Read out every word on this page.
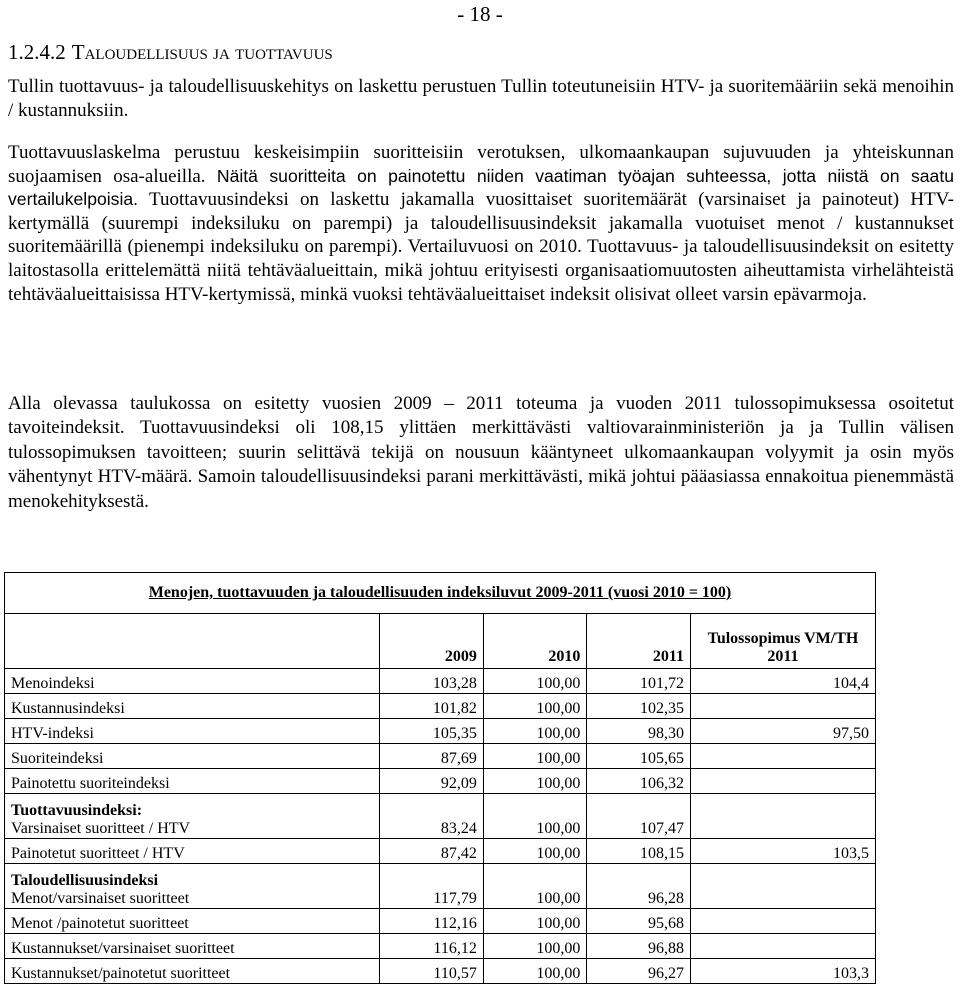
- 18 -
1.2.4.2 Taloudellisuus ja tuottavuus

Tullin tuottavuus- ja taloudellisuuskehitys on laskettu perustuen Tullin toteutuneisiin HTV- ja suoritemääriin sekä menoihin / kustannuksiin.

Tuottavuuslaskelma perustuu keskeisimpiin suoritteisiin verotuksen, ulkomaankaupan sujuvuuden ja yhteiskunnan suojaamisen osa-alueilla. Näitä suoritteita on painotettu niiden vaatiman työajan suhteessa, jotta niistä on saatu vertailukelpoisia. Tuottavuusindeksi on laskettu jakamalla vuosittaiset suoritemäärät (varsinaiset ja painoteut) HTV-kertymällä (suurempi indeksiluku on parempi) ja taloudellisuusindeksit jakamalla vuotuiset menot / kustannukset suoritemäärillä (pienempi indeksiluku on parempi). Vertailuvuosi on 2010. Tuottavuus- ja taloudellisuusindeksit on esitetty laitostasolla erittelemättä niitä tehtäväalueittain, mikä johtuu erityisesti organisaatiomuutosten aiheuttamista virhelähteistä tehtäväalueittaisissa HTV-kertymissä, minkä vuoksi tehtäväalueittaiset indeksit olisivat olleet varsin epävarmoja.

Alla olevassa taulukossa on esitetty vuosien 2009 – 2011 toteuma ja vuoden 2011 tulossopimuksessa osoitetut tavoiteindeksit. Tuottavuusindeksi oli 108,15 ylittäen merkittävästi valtiovarainministeriön ja ja Tullin välisen tulossopimuksen tavoitteen; suurin selittävä tekijä on nousuun kääntyneet ulkomaankaupan volyymit ja osin myös vähentynyt HTV-määrä. Samoin taloudellisuusindeksi parani merkittävästi, mikä johtui pääasiassa ennakoitua pienemmästä menokehityksestä.

Menojen, tuottavuuden ja taloudellisuuden indeksiluvut 2009-2011 (vuosi 2010 = 100)				
	2009	2010	2011	Tulossopimus VM/TH 2011
Menoindeksi	103,28	100,00	101,72	104,4
Kustannusindeksi	101,82	100,00	102,35	
HTV-indeksi	105,35	100,00	98,30	97,50
Suoriteindeksi	87,69	100,00	105,65	
Painotettu suoriteindeksi	92,09	100,00	106,32	

Tuottavuusindeksi:
Varsinaiset suoritteet / HTV	83,24	100,00	107,47	
Painotetut suoritteet / HTV	87,42	100,00	108,15	103,5

Taloudellisuusindeksi
Menot/varsinaiset suoritteet	117,79	100,00	96,28	
Menot /painotetut suoritteet	112,16	100,00	95,68	
Kustannukset/varsinaiset suoritteet	116,12	100,00	96,88	
Kustannukset/painotetut suoritteet	110,57	100,00	96,27	103,3
